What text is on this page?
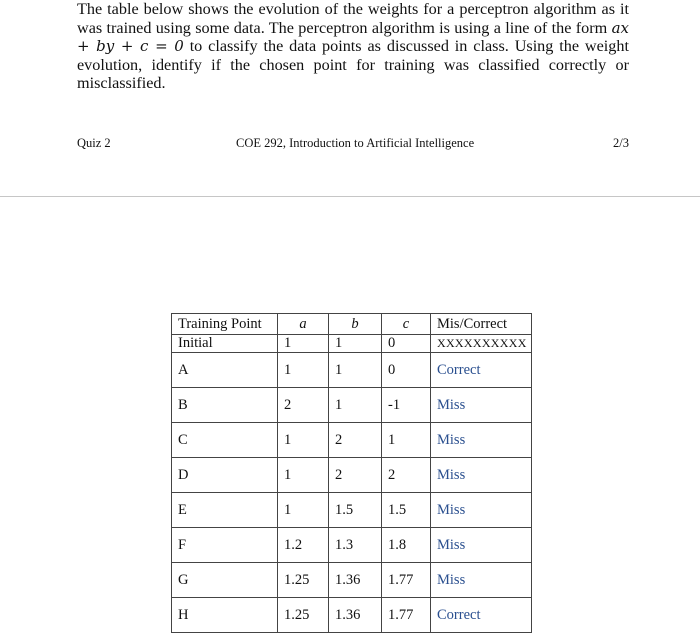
The table below shows the evolution of the weights for a perceptron algorithm as it was trained using some data. The perceptron algorithm is using a line of the form ax + by + c = 0 to classify the data points as discussed in class. Using the weight evolution, identify if the chosen point for training was classified correctly or misclassified.

Quiz 2	COE 292, Introduction to Artificial Intelligence	2/3
Training Point	a	b	c	Mis/Correct
Initial	1	1	0	XXXXXXXXXX
A	1	1	0	Correct
B	2	1	-1	Miss
C	1	2	1	Miss
D	1	2	2	Miss
E	1	1.5	1.5	Miss
F	1.2	1.3	1.8	Miss
G	1.25	1.36	1.77	Miss
H	1.25	1.36	1.77	Correct
